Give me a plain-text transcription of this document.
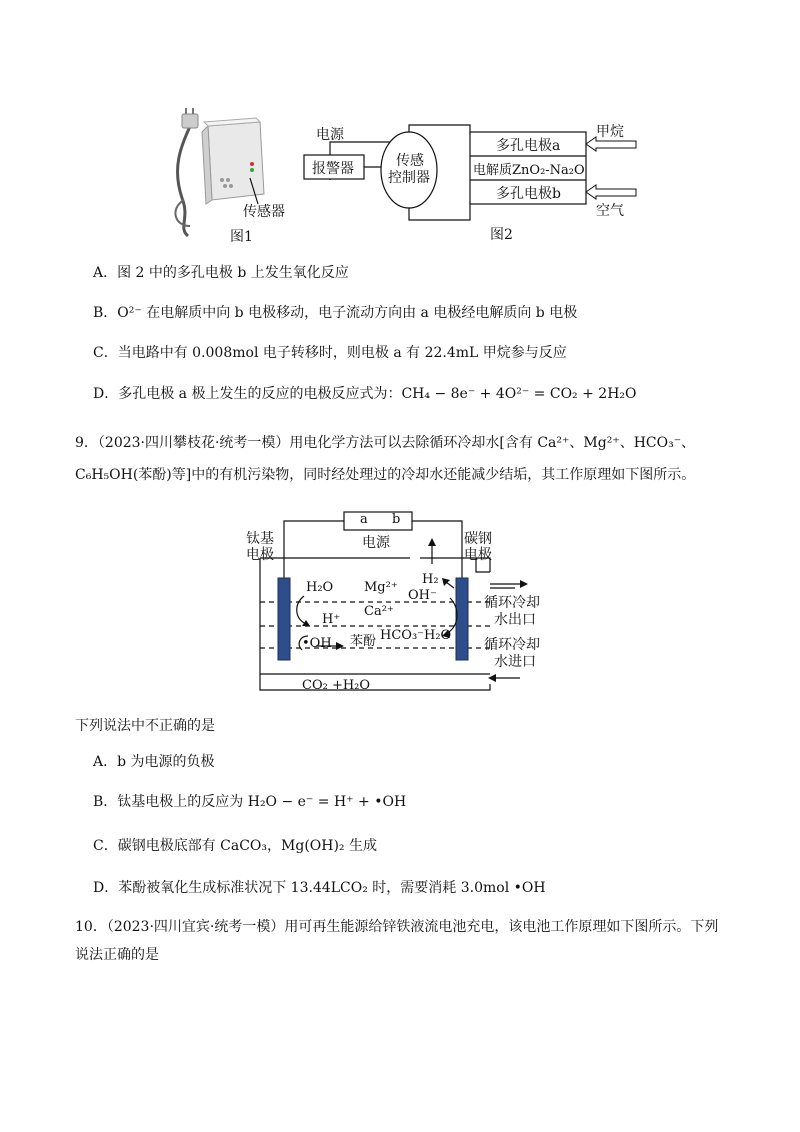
传感器
图1
电源
报警器	传感
控制器
多孔电极a
电解质ZnO₂-Na₂O
多孔电极b
甲烷
空气
图2
A．图 2 中的多孔电极 b 上发生氧化反应
B．O²⁻ 在电解质中向 b 电极移动，电子流动方向由 a 电极经电解质向 b 电极
C．当电路中有 0.008mol 电子转移时，则电极 a 有 22.4mL 甲烷参与反应
D．多孔电极 a 极上发生的反应的电极反应式为：CH₄ − 8e⁻ + 4O²⁻ = CO₂ + 2H₂O
9．（2023·四川攀枝花·统考一模）用电化学方法可以去除循环冷却水[含有 Ca²⁺、Mg²⁺、HCO₃⁻、
C₆H₅OH(苯酚)等]中的有机污染物，同时经处理过的冷却水还能减少结垢，其工作原理如下图所示。
a b
电源
钛基
电极
碳钢
电极
H₂O Mg²⁺
H₂
OH⁻
Ca²⁺
H⁺
•OH 苯酚 HCO₃⁻ H₂O
CO₂ +H₂O
循环冷却
水出口
循环冷却
水进口
下列说法中不正确的是
A．b 为电源的负极
B．钛基电极上的反应为 H₂O − e⁻ = H⁺ + •OH
C．碳钢电极底部有 CaCO₃，Mg(OH)₂ 生成
D．苯酚被氧化生成标准状况下 13.44LCO₂ 时，需要消耗 3.0mol •OH
10．（2023·四川宜宾·统考一模）用可再生能源给锌铁液流电池充电，该电池工作原理如下图所示。下列
说法正确的是
